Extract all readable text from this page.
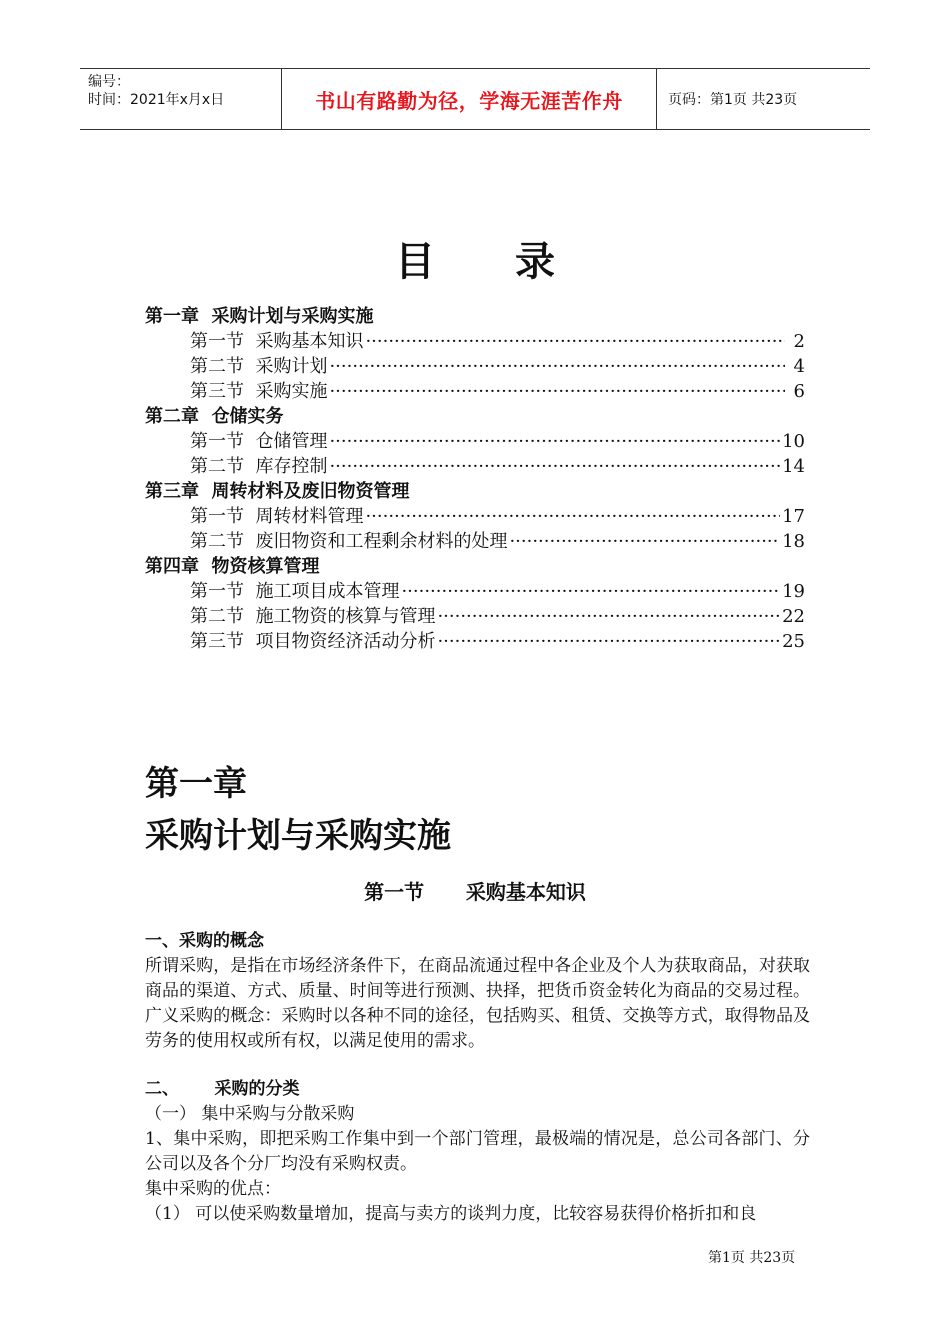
编号：
时间：2021年x月x日	书山有路勤为径，学海无涯苦作舟	页码：第1页 共23页
目 录
第一章  采购计划与采购实施
第一节  采购基本知识 ·····	2
第二节  采购计划 ·····	4
第三节  采购实施 ·····	6
第二章  仓储实务
第一节  仓储管理 ·····	10
第二节  库存控制 ·····	14
第三章  周转材料及废旧物资管理
第一节  周转材料管理 ·····	17
第二节  废旧物资和工程剩余材料的处理 ·····	18
第四章  物资核算管理
第一节  施工项目成本管理 ·····	19
第二节  施工物资的核算与管理 ·····	22
第三节  项目物资经济活动分析 ·····	25
第一章
采购计划与采购实施
第一节      采购基本知识
一、采购的概念
所谓采购，是指在市场经济条件下，在商品流通过程中各企业及个人为获取商品，对获取商品的渠道、方式、质量、时间等进行预测、抉择，把货币资金转化为商品的交易过程。广义采购的概念：采购时以各种不同的途径，包括购买、租赁、交换等方式，取得物品及劳务的使用权或所有权，以满足使用的需求。
二、      采购的分类
（一） 集中采购与分散采购
1、集中采购，即把采购工作集中到一个部门管理，最极端的情况是，总公司各部门、分公司以及各个分厂均没有采购权责。
集中采购的优点：
（1） 可以使采购数量增加，提高与卖方的谈判力度，比较容易获得价格折扣和良
第1页 共23页
